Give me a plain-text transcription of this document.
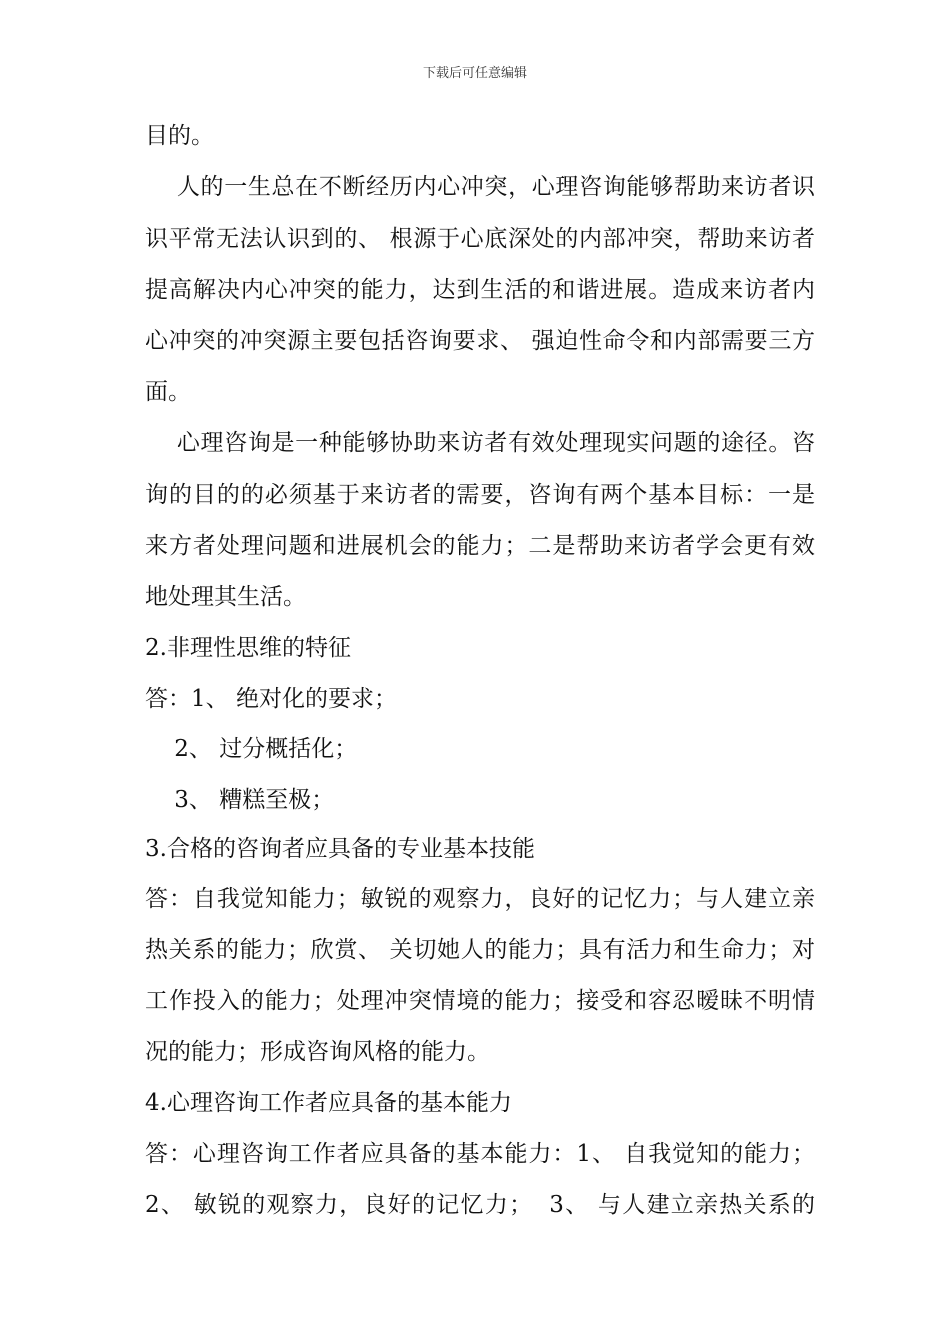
下载后可任意编辑
目的。
人的一生总在不断经历内心冲突，心理咨询能够帮助来访者识
识平常无法认识到的、 根源于心底深处的内部冲突，帮助来访者
提高解决内心冲突的能力，达到生活的和谐进展。造成来访者内
心冲突的冲突源主要包括咨询要求、 强迫性命令和内部需要三方
面。
心理咨询是一种能够协助来访者有效处理现实问题的途径。咨
询的目的的必须基于来访者的需要，咨询有两个基本目标：一是
来方者处理问题和进展机会的能力；二是帮助来访者学会更有效
地处理其生活。
2.非理性思维的特征
答：1、 绝对化的要求；
2、 过分概括化；
3、 糟糕至极；
3.合格的咨询者应具备的专业基本技能
答：自我觉知能力；敏锐的观察力，良好的记忆力；与人建立亲
热关系的能力；欣赏、 关切她人的能力；具有活力和生命力；对
工作投入的能力；处理冲突情境的能力；接受和容忍暧昧不明情
况的能力；形成咨询风格的能力。
4.心理咨询工作者应具备的基本能力
答：心理咨询工作者应具备的基本能力：1、 自我觉知的能力；
2、 敏锐的观察力，良好的记忆力；  3、 与人建立亲热关系的
